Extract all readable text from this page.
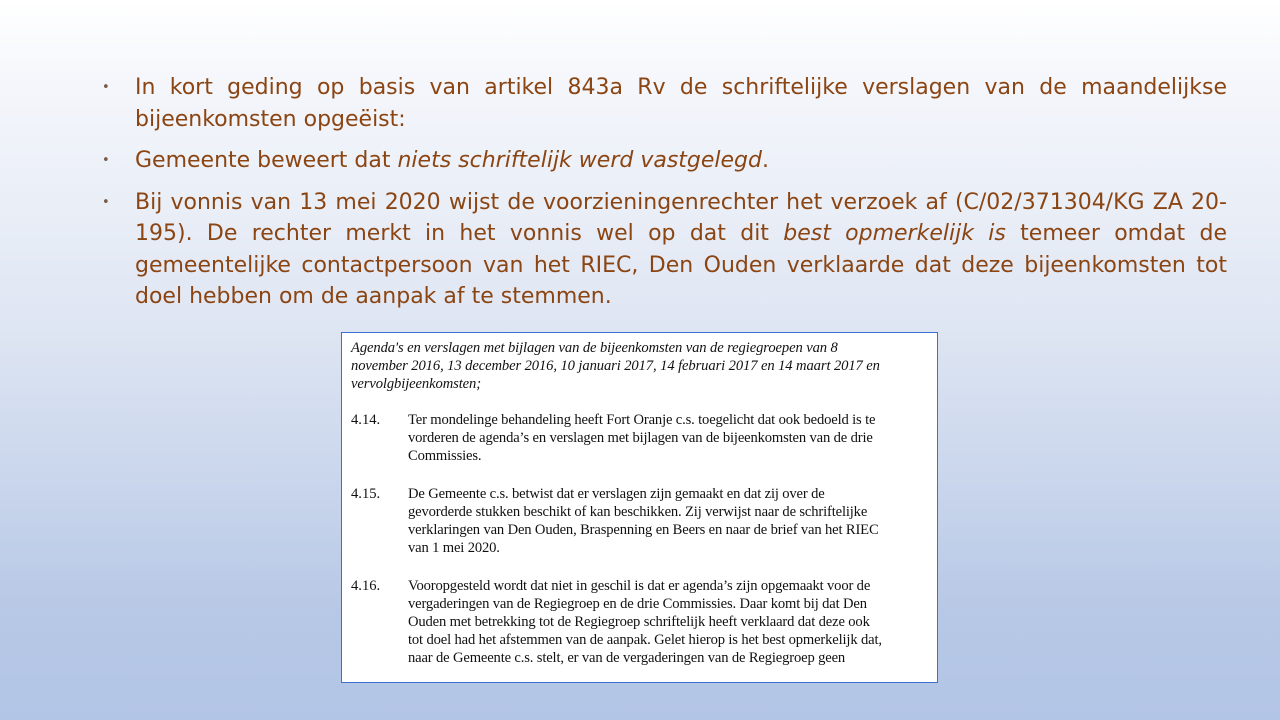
• In kort geding op basis van artikel 843a Rv de schriftelijke verslagen van de maandelijkse bijeenkomsten opgeëist:
• Gemeente beweert dat niets schriftelijk werd vastgelegd.
• Bij vonnis van 13 mei 2020 wijst de voorzieningenrechter het verzoek af (C/02/371304/KG ZA 20-195). De rechter merkt in het vonnis wel op dat dit best opmerkelijk is temeer omdat de gemeentelijke contactpersoon van het RIEC, Den Ouden verklaarde dat deze bijeenkomsten tot doel hebben om de aanpak af te stemmen.
Agenda's en verslagen met bijlagen van de bijeenkomsten van de regiegroepen van 8
november 2016, 13 december 2016, 10 januari 2017, 14 februari 2017 en 14 maart 2017 en
vervolgbijeenkomsten;
4.14.	Ter mondelinge behandeling heeft Fort Oranje c.s. toegelicht dat ook bedoeld is te
vorderen de agenda’s en verslagen met bijlagen van de bijeenkomsten van de drie
Commissies.
4.15.	De Gemeente c.s. betwist dat er verslagen zijn gemaakt en dat zij over de
gevorderde stukken beschikt of kan beschikken. Zij verwijst naar de schriftelijke
verklaringen van Den Ouden, Braspenning en Beers en naar de brief van het RIEC
van 1 mei 2020.
4.16.	Vooropgesteld wordt dat niet in geschil is dat er agenda’s zijn opgemaakt voor de
vergaderingen van de Regiegroep en de drie Commissies. Daar komt bij dat Den
Ouden met betrekking tot de Regiegroep schriftelijk heeft verklaard dat deze ook
tot doel had het afstemmen van de aanpak. Gelet hierop is het best opmerkelijk dat,
naar de Gemeente c.s. stelt, er van de vergaderingen van de Regiegroep geen
